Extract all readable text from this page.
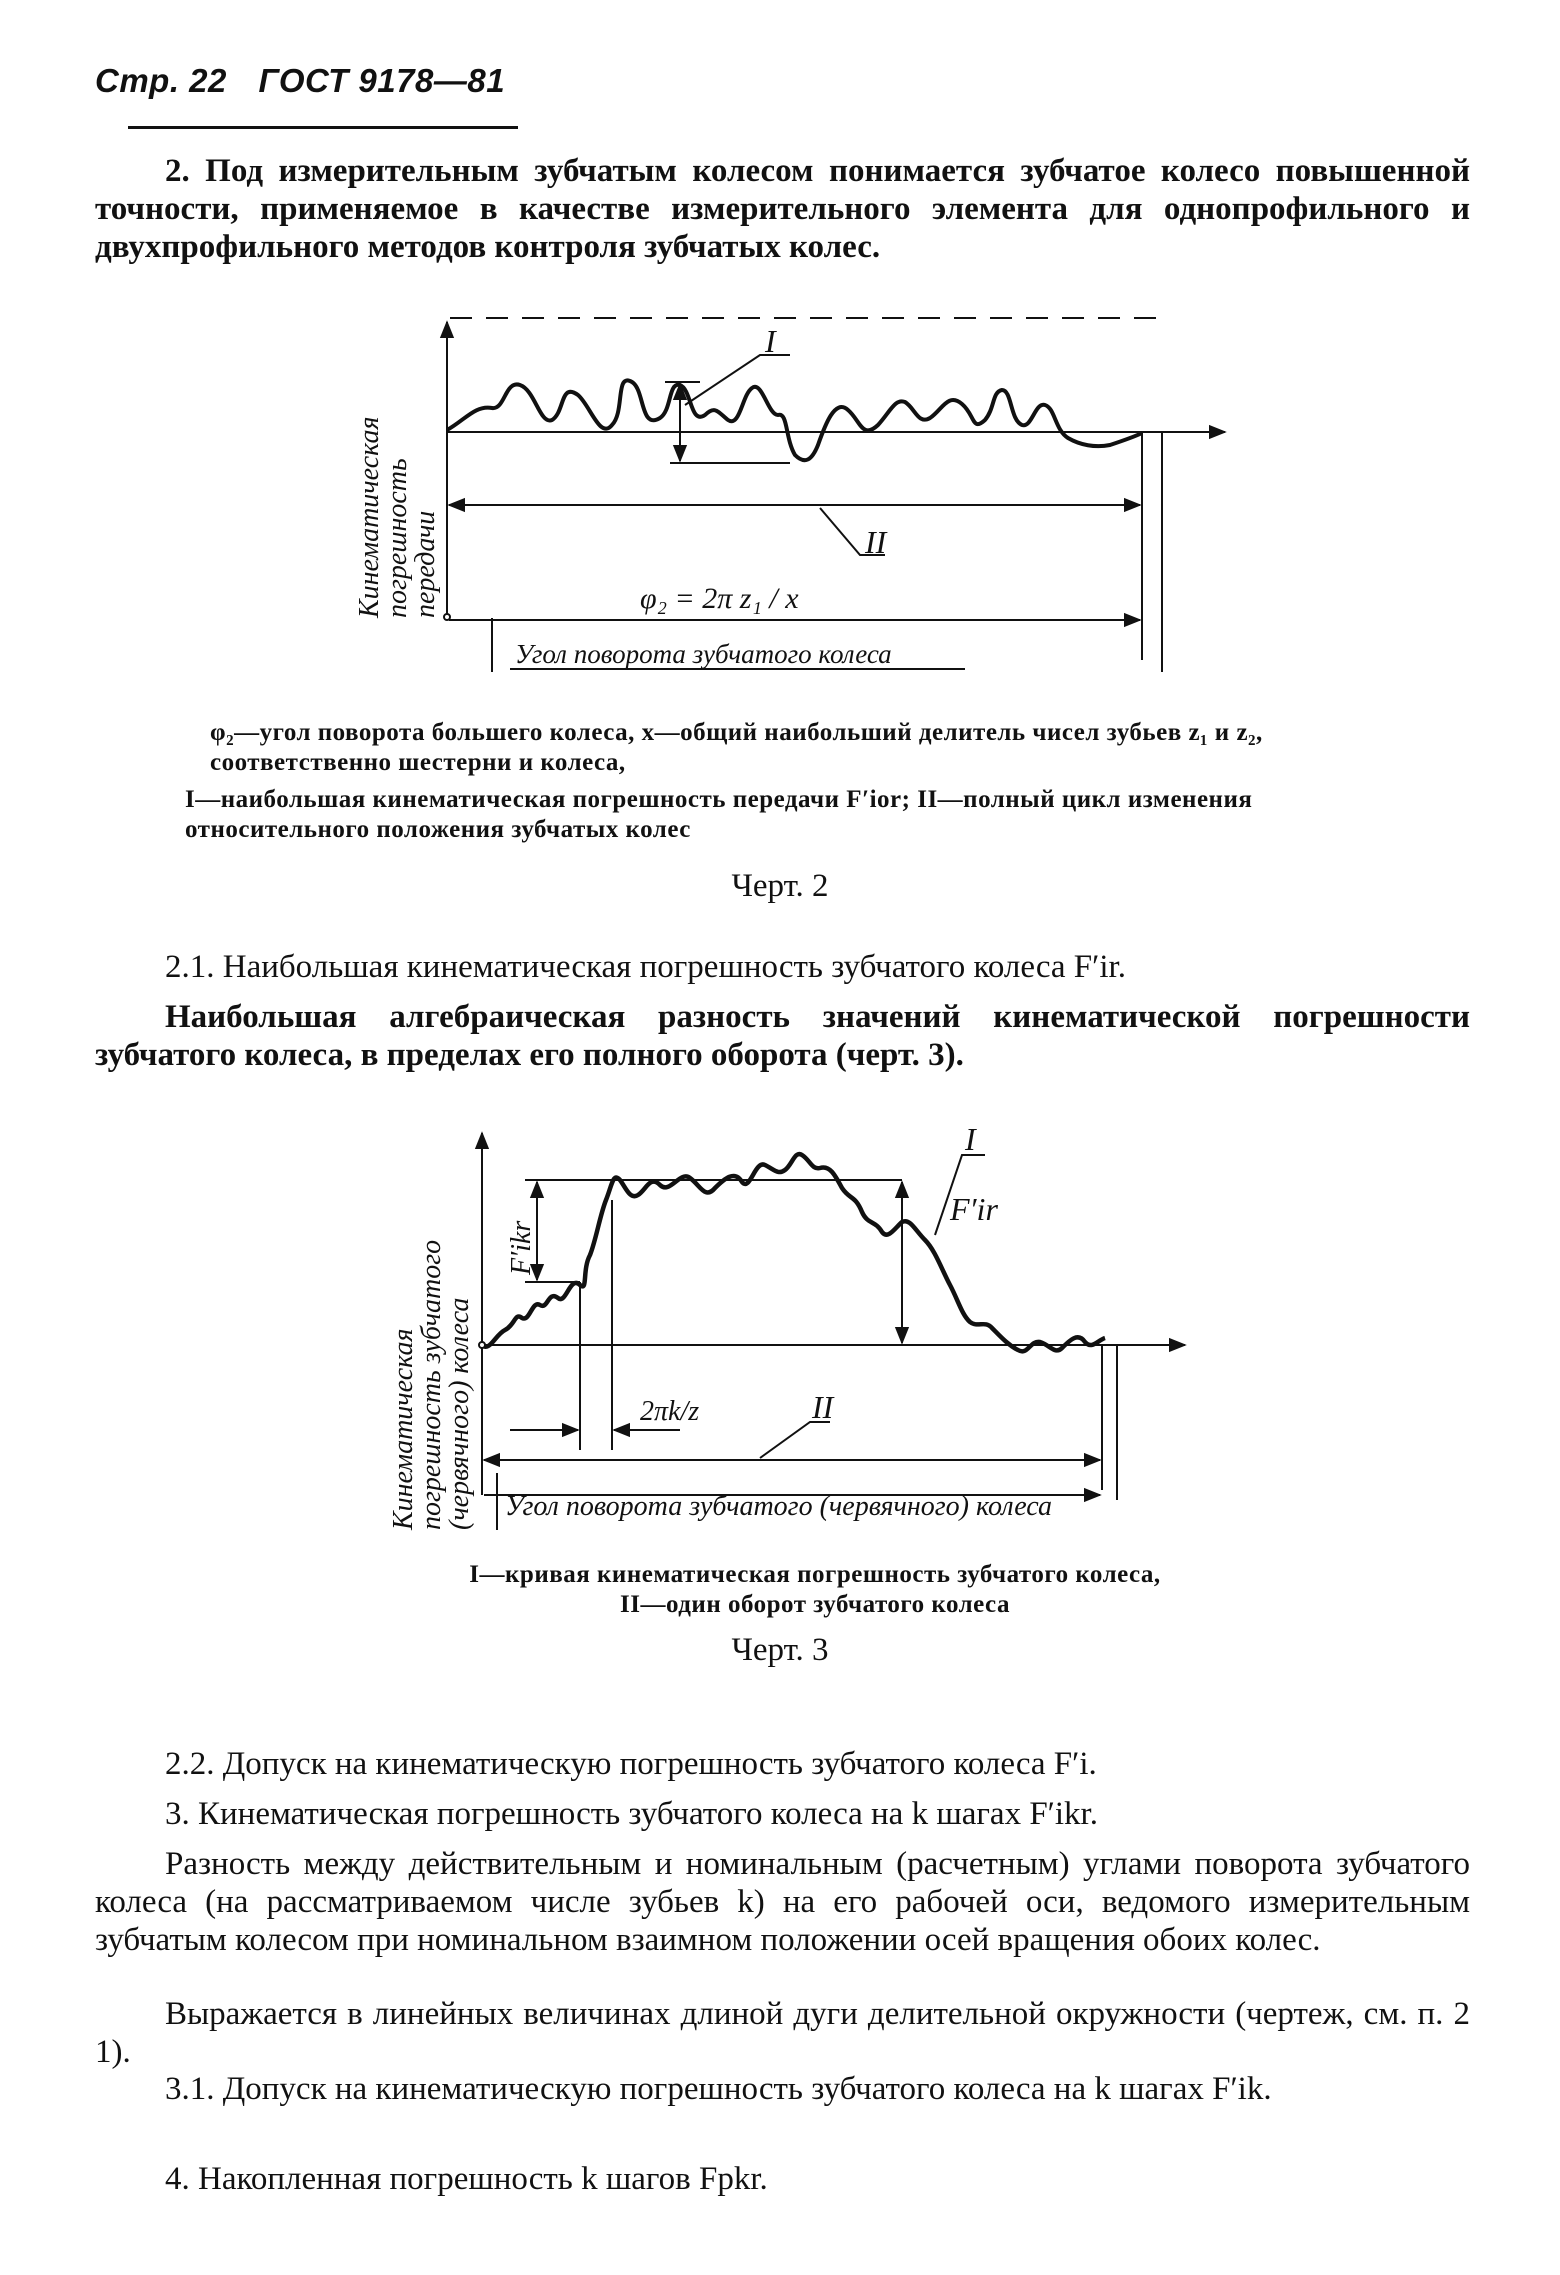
Стр. 22 ГОСТ 9178—81
2. Под измерительным зубчатым колесом понимается зубчатое колесо повышенной точности, применяемое в качестве измерительного элемента для однопрофильного и двухпрофильного методов контроля зубчатых колес.
I
II
φ₂ = 2π z₁ / x
Угол поворота зубчатого колеса
Кинематическая
погрешность
передачи
I
F′ir
II
2πk/z
Угол поворота зубчатого (червячного) колеса
F′ikr
Кинематическая
погрешность зубчатого
(червячного) колеса
φ₂—угол поворота большего колеса, x—общий наибольший делитель чисел зубьев z₁ и z₂, соответственно шестерни и колеса,
I—наибольшая кинематическая погрешность передачи F′ior; II—полный цикл изменения относительного положения зубчатых колес
Черт. 2
2.1. Наибольшая кинематическая погрешность зубчатого колеса F′ir.
Наибольшая алгебраическая разность значений кинематической погрешности зубчатого колеса, в пределах его полного оборота (черт. 3).
I—кривая кинематическая погрешность зубчатого колеса,
II—один оборот зубчатого колеса
Черт. 3
2.2. Допуск на кинематическую погрешность зубчатого колеса F′i.
3. Кинематическая погрешность зубчатого колеса на k шагах F′ikr.
Разность между действительным и номинальным (расчетным) углами поворота зубчатого колеса (на рассматриваемом числе зубьев k) на его рабочей оси, ведомого измерительным зубчатым колесом при номинальном взаимном положении осей вращения обоих колес.
Выражается в линейных величинах длиной дуги делительной окружности (чертеж, см. п. 2 1).
3.1. Допуск на кинематическую погрешность зубчатого колеса на k шагах F′ik.
4. Накопленная погрешность k шагов Fpkr.
